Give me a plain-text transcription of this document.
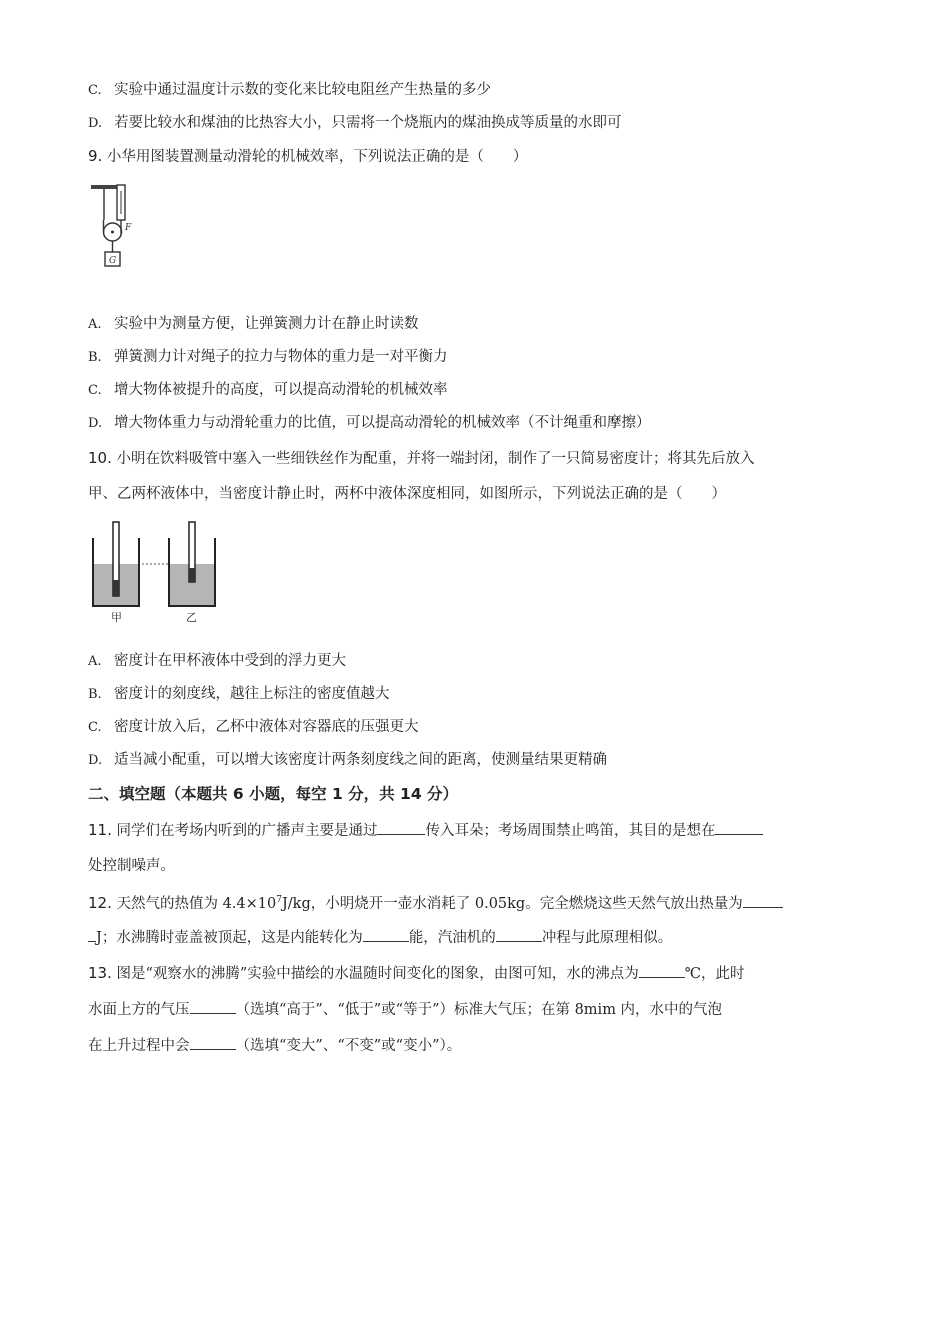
C. 实验中通过温度计示数的变化来比较电阻丝产生热量的多少
D. 若要比较水和煤油的比热容大小，只需将一个烧瓶内的煤油换成等质量的水即可
9. 小华用图装置测量动滑轮的机械效率，下列说法正确的是（　　）
F
G
A. 实验中为测量方便，让弹簧测力计在静止时读数
B. 弹簧测力计对绳子的拉力与物体的重力是一对平衡力
C. 增大物体被提升的高度，可以提高动滑轮的机械效率
D. 增大物体重力与动滑轮重力的比值，可以提高动滑轮的机械效率（不计绳重和摩擦）
10. 小明在饮料吸管中塞入一些细铁丝作为配重，并将一端封闭，制作了一只简易密度计；将其先后放入
甲、乙两杯液体中，当密度计静止时，两杯中液体深度相同，如图所示，下列说法正确的是（　　）
甲	乙
A. 密度计在甲杯液体中受到的浮力更大
B. 密度计的刻度线，越往上标注的密度值越大
C. 密度计放入后，乙杯中液体对容器底的压强更大
D. 适当减小配重，可以增大该密度计两条刻度线之间的距离，使测量结果更精确
二、填空题（本题共 6 小题，每空 1 分，共 14 分）
11. 同学们在考场内听到的广播声主要是通过	传入耳朵；考场周围禁止鸣笛，其目的是想在
处控制噪声。
12. 天然气的热值为 $4.4\times 10^7J/kg$，小明烧开一壶水消耗了 0.05kg。完全燃烧这些天然气放出热量为
J；水沸腾时壶盖被顶起，这是内能转化为	能，汽油机的	冲程与此原理相似。
13. 图是“观察水的沸腾”实验中描绘的水温随时间变化的图象，由图可知，水的沸点为	℃，此时
水面上方的气压	（选填“高于”、“低于”或“等于”）标准大气压；在第 8mim 内，水中的气泡
在上升过程中会	（选填“变大”、“不变”或“变小”）。
